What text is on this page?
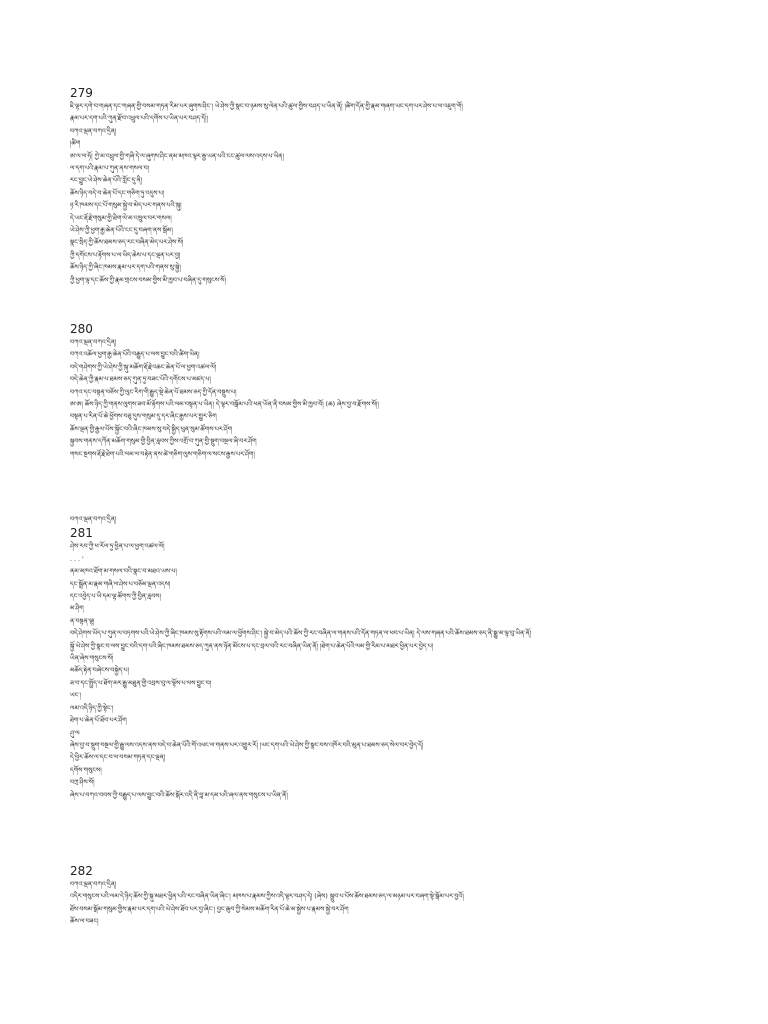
279
ཇི་ལྟར་དགེ་བ་གཞན་དང་གཞན་གྱི་བསམ་གཏན་རིམ་པར་ཞུགས་ཤིང་། ཡེ་ཤེས་ཀྱི་སྣང་བ་ཉམས་སུ་ལེན་པའི་ཚུལ་གྱིས་བཤད་པ་ཡིན་ནོ། །ཚིག་དོན་གྱི་རྣམ་གཞག་ཡང་དག་པར་ཤེས་པ་ལ་འཇུག་གོ།
རྣམ་པར་དག་པའི་ཀུན་རྫོབ་འཕྲུལ་པའི་དགོས་པ་ཡིན་པར་བཤད་དོ།།
བཀའ་ལྡན་བཀའ་དྲིན།
།ཚིག
ཨ་ལ་ལ་ཧོ། ཀྱེ་མ་འཕྲུལ་གྱི་གཞི་དེ་ལ་ཞུགས་ཤིང་ནམ་མཁའ་ལྟར་རྒྱ་ཡན་པའི་ངང་ཚུལ་ལས་འདས་པ་ཡིན།
ལ་དག་པའི་རྣམ་པ་ཀུན་ནས་གསལ་བ།
རང་བྱུང་ཡེ་ཤེས་ཆེན་པོའི་ཀློང་དུ་ནི།
ཆོས་ཉིད་བདེ་བ་ཆེན་པོ་དང་གཅིག་ཏུ་འདུས་པ།
ཉ་རི་ཁམས་དང་པོ་གསུམ་སྐྱེ་བ་མེད་པར་གནས་པའི་སྐུ།
དེ་ཡང་རྡོ་རྗེ་གསུམ་གྱི་ཐིག་ལེ་མ་འཁྲུལ་བར་གསལ།
ཡེ་ཤེས་ཀྱི་ཕྱག་རྒྱ་ཆེན་པོའི་ངང་དུ་བཞག་ནས་སྒོམ།
སྣང་སྲིད་ཀྱི་ཆོས་ཐམས་ཅད་རང་བཞིན་མེད་པར་ཤེས་སོ།
ཀྱི་དགོངས་པ་རྟོགས་པ་ལ་ཡིད་ཆེས་པ་དང་ལྡན་པར་བྱ།
ཆོས་ཉིད་ཀྱི་ཞིང་ཁམས་རྣམ་པར་དག་པའི་གནས་སུ་སྐྱེ།
ཀྱི་ཕྱག་ལྟ་དང་ཆོས་ཀྱི་རྣམ་གྲངས་བསམ་གྱིས་མི་ཁྱབ་པ་བཞིན་དུ་གསུངས་སོ།
280
བཀའ་ལྡན་བཀའ་དྲིན།
བཀའ་འཆོལ་ཕྱག་རྒྱ་ཆེན་པོའི་བརྒྱུད་པ་ལས་བྱུང་བའི་ཚིག་ཡིན།
བདེ་གཤེགས་ཀྱི་ཡེ་ཤེས་ཀྱི་སྐུ་མཆོག་རྡོ་རྗེ་འཆང་ཆེན་པོ་ལ་ཕྱག་འཚལ་ལོ།
བདེ་ཆེན་ཀྱི་རྣམ་པ་ཐམས་ཅད་ཀུན་ཏུ་བཟང་པོའི་དགོངས་པ་མཛད་པ།
བཀའ་དང་བསྟན་བཅོས་ཀྱི་ལུང་རིག་གི་རྒྱུད་སྡེ་ཆེན་པོ་ཐམས་ཅད་ཀྱི་དོན་བསྡུས་པ།
ཨ་ཨ། ཆོས་ཉིད་ཀྱི་གནས་ལུགས་ཟབ་མོ་རྟོགས་པའི་ལམ་བསྟན་པ་ཡིན། དེ་ལྟར་བསྒོམ་པའི་ཕན་ཡོན་ནི་བསམ་གྱིས་མི་ཁྱབ་བོ། (ཆ) ཞེས་བྱ་བ་རྫོགས་སོ།།
བསྟན་པ་རིན་པོ་ཆེ་ཕྱོགས་བཅུ་དུས་གསུམ་དུ་དར་ཞིང་རྒྱས་པར་གྱུར་ཅིག
ཆོས་ལྡན་གྱི་རྒྱལ་པོས་སྐྱོང་བའི་ཞིང་ཁམས་སུ་བདེ་སྐྱིད་ཕུན་སུམ་ཚོགས་པར་ཤོག
སྐྱབས་གནས་དཀོན་མཆོག་གསུམ་གྱི་བྱིན་རླབས་ཀྱིས་འགྲོ་བ་ཀུན་གྱི་སྡུག་བསྔལ་ཞི་བར་ཤོག
གསང་སྔགས་རྡོ་རྗེ་ཐེག་པའི་ལམ་ལ་བརྟེན་ནས་ཚེ་གཅིག་ལུས་གཅིག་ལ་སངས་རྒྱས་པར་ཤོག།
བཀའ་ལྡན་བཀའ་དྲིན།
281
ཤེས་རབ་ཀྱི་ཕ་རོལ་ཏུ་ཕྱིན་པ་ལ་ཕྱག་འཚལ་ལོ།
. . . '
ནམ་མཁའ་ཐོག་མ་གསལ་བའི་སྣང་བ་མཐའ་ཡས་པ།
དང་སྒྲོན་མ་རྣམ་གཞི་ལ་ཤེས་པ་བཅོམ་ལྡན་འདས།
དང་འབྱེད་པ་ཡི་དམ་ལྷ་ཚོགས་ཀྱི་བྱིན་རླབས།
མ་ཤིག
ན་བསྟན་ལྟ།
བདེ་ཤེགས་ཡོད་པ་ཀུན་ལ་བཏགས་པའི་ཡེ་ཤེས་ཀྱི་ཞིང་ཁམས་སུ་རྟོགས་པའི་ལམ་ལ་ཕྱོགས་ཤིང་། སྐྱེ་བ་མེད་པའི་ཆོས་ཀྱི་རང་བཞིན་ལ་གནས་པའི་དོན་གཏན་ལ་ཕབ་པ་ཡིན། དེ་ལས་གཞན་པའི་ཆོས་ཐམས་ཅད་ནི་སྒྱུ་མ་ལྟ་བུ་ཡིན་ནོ།
སྐྱོ་ཡེ་ཤེས་ཀྱི་སྣང་བ་ལས་བྱུང་བའི་དག་པའི་ཞིང་ཁམས་ཐམས་ཅད་ཀུན་ནས་ཉོན་མོངས་པ་དང་བྲལ་བའི་རང་བཞིན་ཡིན་ནོ། །ཐེག་པ་ཆེན་པོའི་ལམ་གྱི་རིམ་པ་མཐར་ཕྱིན་པར་བྱེད་པ།
ཡིན་ཞེས་གསུངས་སོ།
མཆོད་རྟེན་བཞེངས་བསྐྱེད་པ།
ཟ་བ་དང་སྤྱོད་པ་ཐོག་མར་རྒྱུ་མཐུན་གྱི་འབྲས་བུ་ལ་ལྟོས་པ་ལས་བྱུང་བ།
ཡང་།
ལམ་འདི་ཉིད་ཀྱི་སྟེང་།
ཐེག་པ་ཆེན་པོ་ཐོབ་པར་ཤོག
ཤུ་ལ
ཞེས་བྱ་བ་སྡུག་བསྔལ་གྱི་རྒྱུ་ལས་འདས་ནས་བདེ་བ་ཆེན་པོའི་གོ་འཕང་ལ་གནས་པར་འགྱུར་རོ། །ཡང་དག་པའི་ཡེ་ཤེས་ཀྱི་སྣང་བས་འཁོར་བའི་མུན་པ་ཐམས་ཅད་སེལ་བར་བྱེད་དོ།
དེ་ཕྱིར་ཆོས་ལ་དང་བ་ལ་བསམ་གཏན་དང་ལྡན།
དགོས་གསུངས།
བཀྲ་ཤིས་སོ།
ཞེས་པ་བཀའ་བབས་ཀྱི་བརྒྱུད་པ་ལས་བྱུང་བའི་ཆོས་སྐོར་འདི་ནི་བླ་མ་དམ་པའི་ཞལ་ནས་གསུངས་པ་ཡིན་ནོ།
282
བཀའ་ལྡན་བཀའ་དྲིན།
འདིར་གསུངས་པའི་ལམ་དེ་ཉིད་ཆོས་ཀྱི་སྐུ་མཐར་ཕྱིན་པའི་རང་བཞིན་ཡིན་ཞིང་། མཁས་པ་རྣམས་ཀྱིས་འདི་ལྟར་བཤད་དེ། (ཞེས) སྒྲུབ་པ་པོས་ཆོས་ཐམས་ཅད་ལ་མཉམ་པར་བཞག་སྟེ་སྒོམ་པར་བྱའོ།
ཐོས་བསམ་སྒོམ་གསུམ་གྱིས་རྣམ་པར་དག་པའི་ཡེ་ཤེས་ཐོབ་པར་བྱ་ཞིང་། བྱང་ཆུབ་ཀྱི་སེམས་མཆོག་རིན་པོ་ཆེ་མ་སྐྱེས་པ་རྣམས་སྐྱེ་བར་ཤོག
ཆོས་ལ་བཟང།
